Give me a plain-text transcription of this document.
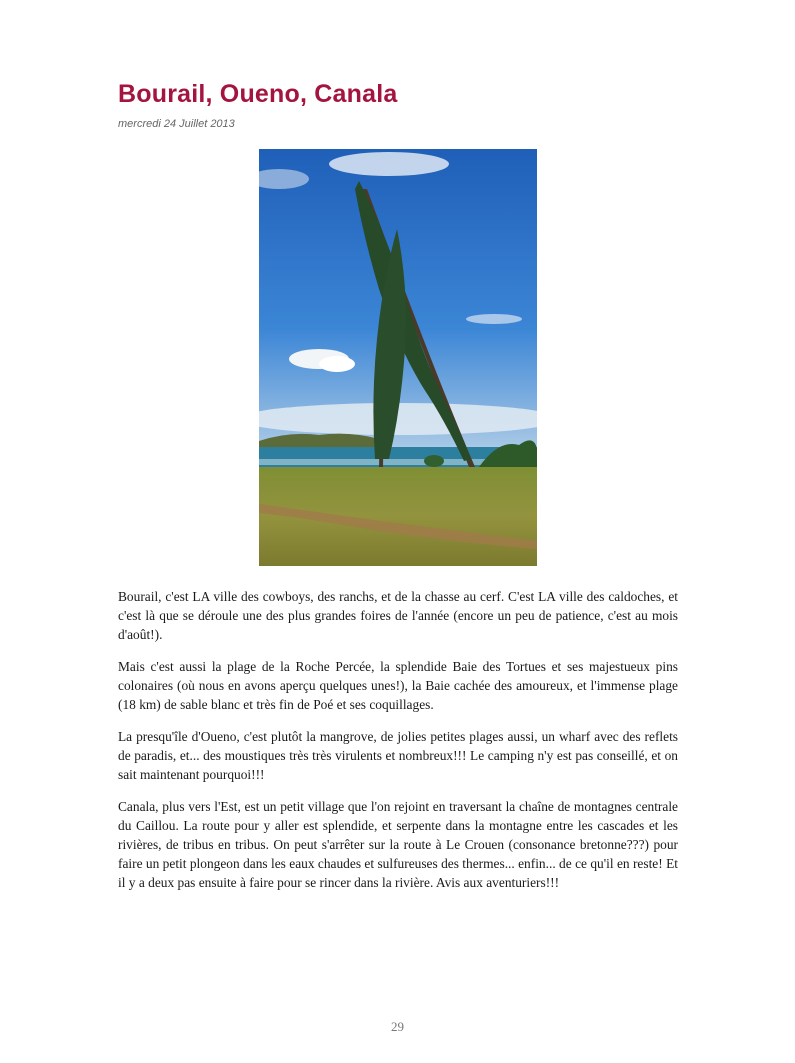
Bourail, Oueno, Canala
mercredi 24 Juillet 2013

Bourail, c'est LA ville des cowboys, des ranchs, et de la chasse au cerf. C'est LA ville des caldoches, et c'est là que se déroule une des plus grandes foires de l'année (encore un peu de patience, c'est au mois d'août!).

Mais c'est aussi la plage de la Roche Percée, la splendide Baie des Tortues et ses majestueux pins colonaires (où nous en avons aperçu quelques unes!), la Baie cachée des amoureux, et l'immense plage (18 km) de sable blanc et très fin de Poé et ses coquillages.

La presqu'île d'Oueno, c'est plutôt la mangrove, de jolies petites plages aussi, un wharf avec des reflets de paradis, et... des moustiques très très virulents et nombreux!!! Le camping n'y est pas conseillé, et on sait maintenant pourquoi!!!

Canala, plus vers l'Est, est un petit village que l'on rejoint en traversant la chaîne de montagnes centrale du Caillou. La route pour y aller est splendide, et serpente dans la montagne entre les cascades et les rivières, de tribus en tribus. On peut s'arrêter sur la route à Le Crouen (consonance bretonne???) pour faire un petit plongeon dans les eaux chaudes et sulfureuses des thermes... enfin... de ce qu'il en reste! Et il y a deux pas ensuite à faire pour se rincer dans la rivière. Avis aux aventuriers!!!

29
